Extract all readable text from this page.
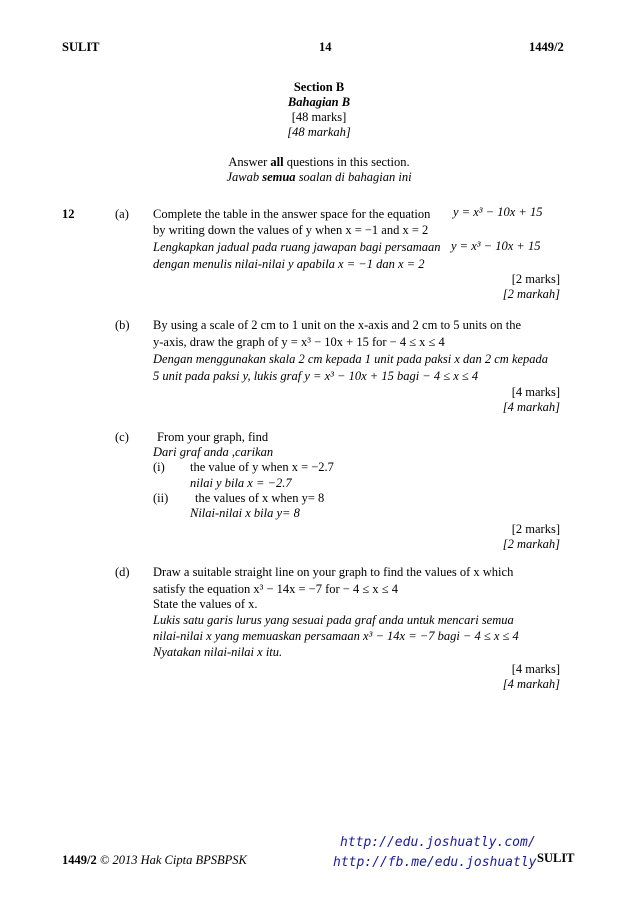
SULIT	14	1449/2
Section B
Bahagian B
[48 marks]
[48 markah]
Answer all questions in this section.
Jawab semua soalan di bahagian ini
12	(a) Complete the table in the answer space for the equation y = x³ − 10x + 15
by writing down the values of y when x = −1 and x = 2
Lengkapkan jadual pada ruang jawapan bagi persamaan y = x³ − 10x + 15
dengan menulis nilai-nilai y apabila x = −1 dan x = 2
[2 marks]
[2 markah]
(b) By using a scale of 2 cm to 1 unit on the x-axis and 2 cm to 5 units on the
y-axis, draw the graph of y = x³ − 10x + 15 for − 4 ≤ x ≤ 4
Dengan menggunakan skala 2 cm kepada 1 unit pada paksi x dan 2 cm kepada
5 unit pada paksi y, lukis graf y = x³ − 10x + 15 bagi − 4 ≤ x ≤ 4
[4 marks]
[4 markah]
(c) From your graph, find
Dari graf anda ,carikan
(i) the value of y when x = −2.7
nilai y bila x = −2.7
(ii) the values of x when y= 8
Nilai-nilai x bila y= 8
[2 marks]
[2 markah]
(d) Draw a suitable straight line on your graph to find the values of x which
satisfy the equation x³ − 14x = −7 for − 4 ≤ x ≤ 4
State the values of x.
Lukis satu garis lurus yang sesuai pada graf anda untuk mencari semua
nilai-nilai x yang memuaskan persamaan x³ − 14x = −7 bagi − 4 ≤ x ≤ 4
Nyatakan nilai-nilai x itu.
[4 marks]
[4 markah]
1449/2 © 2013 Hak Cipta BPSBPSK
http://edu.joshuatly.com/
http://fb.me/edu.joshuatly SULIT
